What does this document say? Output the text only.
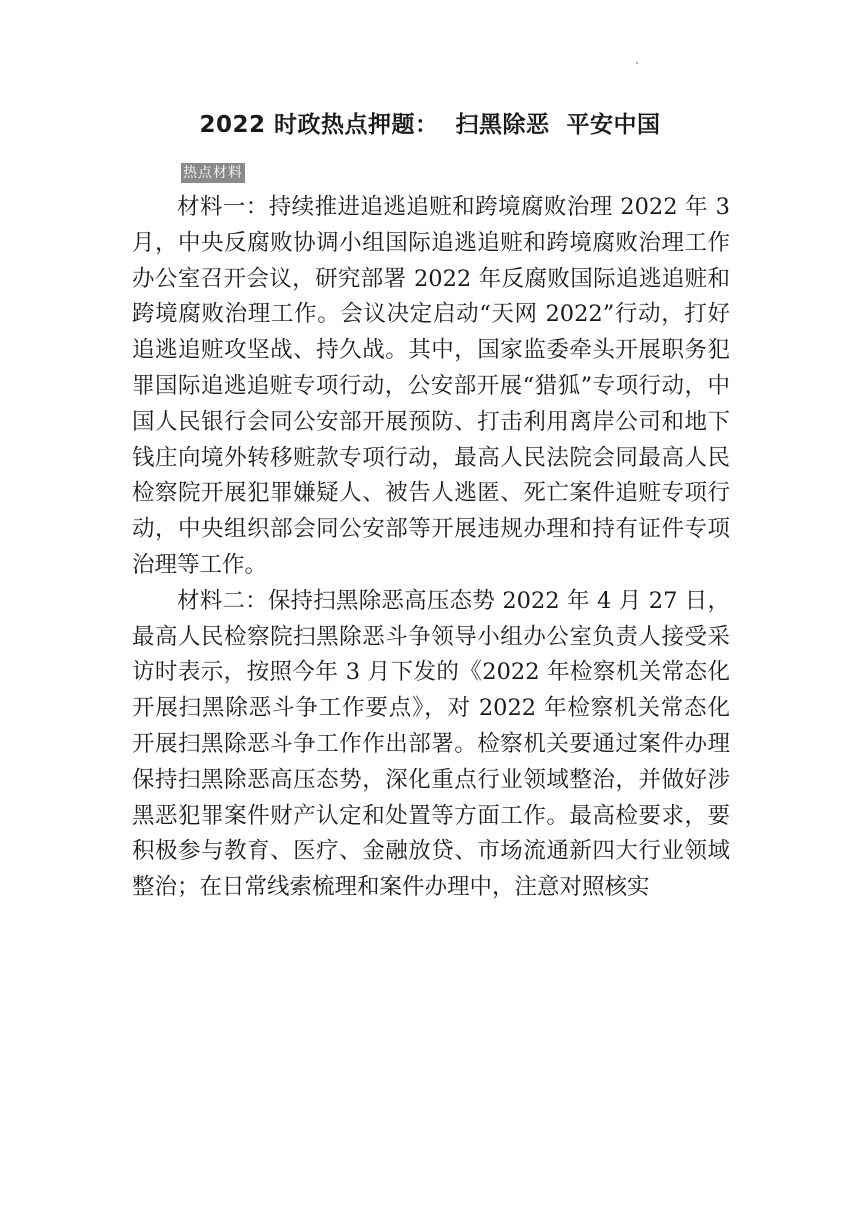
2022 时政热点押题：  扫黑除恶  平安中国
热点材料

材料一：持续推进追逃追赃和跨境腐败治理 2022 年 3 月，中央反腐败协调小组国际追逃追赃和跨境腐败治理工作办公室召开会议，研究部署 2022 年反腐败国际追逃追赃和跨境腐败治理工作。会议决定启动“天网 2022”行动，打好追逃追赃攻坚战、持久战。其中，国家监委牵头开展职务犯罪国际追逃追赃专项行动，公安部开展“猎狐”专项行动，中国人民银行会同公安部开展预防、打击利用离岸公司和地下钱庄向境外转移赃款专项行动，最高人民法院会同最高人民检察院开展犯罪嫌疑人、被告人逃匿、死亡案件追赃专项行动，中央组织部会同公安部等开展违规办理和持有证件专项治理等工作。

材料二：保持扫黑除恶高压态势 2022 年 4 月 27 日，最高人民检察院扫黑除恶斗争领导小组办公室负责人接受采访时表示，按照今年 3 月下发的《2022 年检察机关常态化开展扫黑除恶斗争工作要点》，对 2022 年检察机关常态化开展扫黑除恶斗争工作作出部署。检察机关要通过案件办理保持扫黑除恶高压态势，深化重点行业领域整治，并做好涉黑恶犯罪案件财产认定和处置等方面工作。最高检要求，要积极参与教育、医疗、金融放贷、市场流通新四大行业领域整治；在日常线索梳理和案件办理中，注意对照核实
